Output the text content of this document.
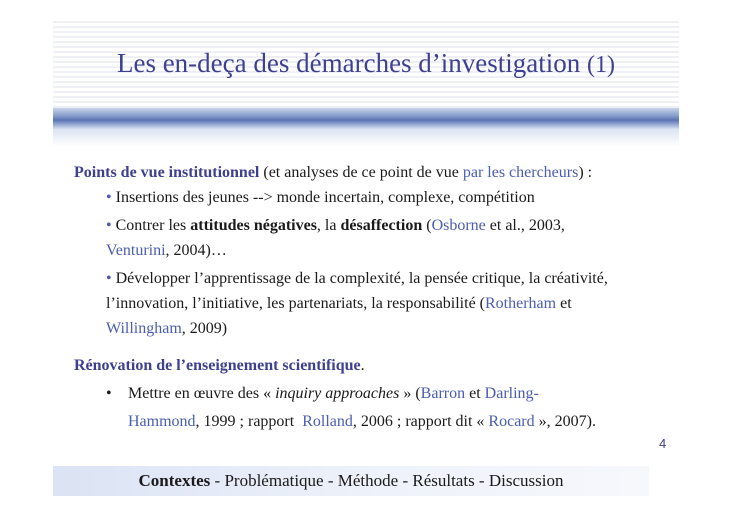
Les en-deça des démarches d’investigation (1)

Points de vue institutionnel (et analyses de ce point de vue par les chercheurs) :

• Insertions des jeunes --> monde incertain, complexe, compétition

• Contrer les attitudes négatives, la désaffection (Osborne et al., 2003,

Venturini, 2004)…

• Développer l’apprentissage de la complexité, la pensée critique, la créativité,

l’innovation, l’initiative, les partenariats, la responsabilité (Rotherham et

Willingham, 2009)

Rénovation de l’enseignement scientifique.

• Mettre en œuvre des « inquiry approaches » (Barron et Darling-

Hammond, 1999 ; rapport  Rolland, 2006 ; rapport dit « Rocard », 2007).

4
Contextes - Problématique - Méthode - Résultats - Discussion
